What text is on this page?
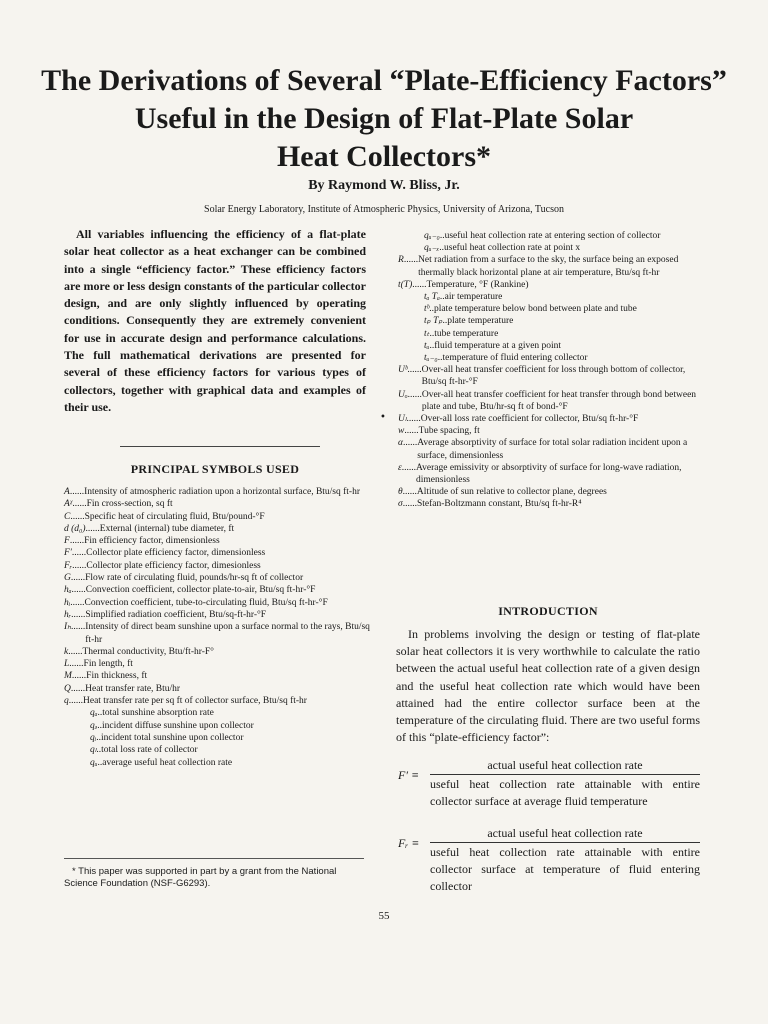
The Derivations of Several “Plate-Efficiency Factors”
Useful in the Design of Flat-Plate Solar
Heat Collectors*
By Raymond W. Bliss, Jr.
Solar Energy Laboratory, Institute of Atmospheric Physics, University of Arizona, Tucson

All variables influencing the efficiency of a flat-plate solar heat collector as a heat exchanger can be combined into a single “efficiency factor.” These efficiency factors are more or less design constants of the particular collector design, and are only slightly influenced by operating conditions. Consequently they are extremely convenient for use in accurate design and performance calculations. The full mathematical derivations are presented for several of these efficiency factors for various types of collectors, together with graphical data and examples of their use.

•
PRINCIPAL SYMBOLS USED
A ...... Intensity of atmospheric radiation upon a horizontal surface, Btu/sq ft-hr
Aᵡ ...... Fin cross-section, sq ft
C ...... Specific heat of circulating fluid, Btu/pound-°F
d (d₀) ...... External (internal) tube diameter, ft
F ...... Fin efficiency factor, dimensionless
F′ ...... Collector plate efficiency factor, dimensionless
Fᵣ ...... Collector plate efficiency factor, dimesionless
G ...... Flow rate of circulating fluid, pounds/hr-sq ft of collector
hₐ ...... Convection coefficient, collector plate-to-air, Btu/sq ft-hr-°F
hᵢ ...... Convection coefficient, tube-to-circulating fluid, Btu/sq ft-hr-°F
hᵣ ...... Simplified radiation coefficient, Btu/sq-ft-hr-°F
Iₕ ...... Intensity of direct beam sunshine upon a surface normal to the rays, Btu/sq ft-hr
k ...... Thermal conductivity, Btu/ft-hr-F°
L ...... Fin length, ft
M ...... Fin thickness, ft
Q ...... Heat transfer rate, Btu/hr
q ...... Heat transfer rate per sq ft of collector surface, Btu/sq ft-hr
qₐ .. total sunshine absorption rate
qₔ .. incident diffuse sunshine upon collector
qᵢ .. incident total sunshine upon collector
qₗ .. total loss rate of collector
qᵤ .. average useful heat collection rate
* This paper was supported in part by a grant from the National Science Foundation (NSF-G6293).
qᵤ₋₀ .. useful heat collection rate at entering section of collector
qᵤ₋ₓ .. useful heat collection rate at point x
R ...... Net radiation from a surface to the sky, the surface being an exposed thermally black horizontal plane at air temperature, Btu/sq ft-hr
t(T) ...... Temperature, °F (Rankine)
tₐ Tₐ .. air temperature
tᵇ .. plate temperature below bond between plate and tube
tₚ Tₚ .. plate temperature
tₜ .. tube temperature
tᵤ .. fluid temperature at a given point
tᵤ₋₀ .. temperature of fluid entering collector
Uᵇ ...... Over-all heat transfer coefficient for loss through bottom of collector, Btu/sq ft-hr-°F
Uₒ ...... Over-all heat transfer coefficient for heat transfer through bond between plate and tube, Btu/hr-sq ft of bond-°F
Uₗ ...... Over-all loss rate coefficient for collector, Btu/sq ft-hr-°F
w ...... Tube spacing, ft
α ...... Average absorptivity of surface for total solar radiation incident upon a surface, dimensionless
ε ...... Average emissivity or absorptivity of surface for long-wave radiation, dimensionless
θ ...... Altitude of sun relative to collector plane, degrees
σ ...... Stefan-Boltzmann constant, Btu/sq ft-hr-R⁴
INTRODUCTION

In problems involving the design or testing of flat-plate solar heat collectors it is very worthwhile to calculate the ratio between the actual useful heat collection rate of a given design and the useful heat collection rate which would have been attained had the entire collector surface been at the temperature of the circulating fluid. There are two useful forms of this “plate-efficiency factor”:

F′ ≡
actual useful heat collection rate
useful heat collection rate attainable with entire collector surface at average fluid temperature
Fᵣ ≡
actual useful heat collection rate
useful heat collection rate attainable with entire collector surface at temperature of fluid entering collector
55
